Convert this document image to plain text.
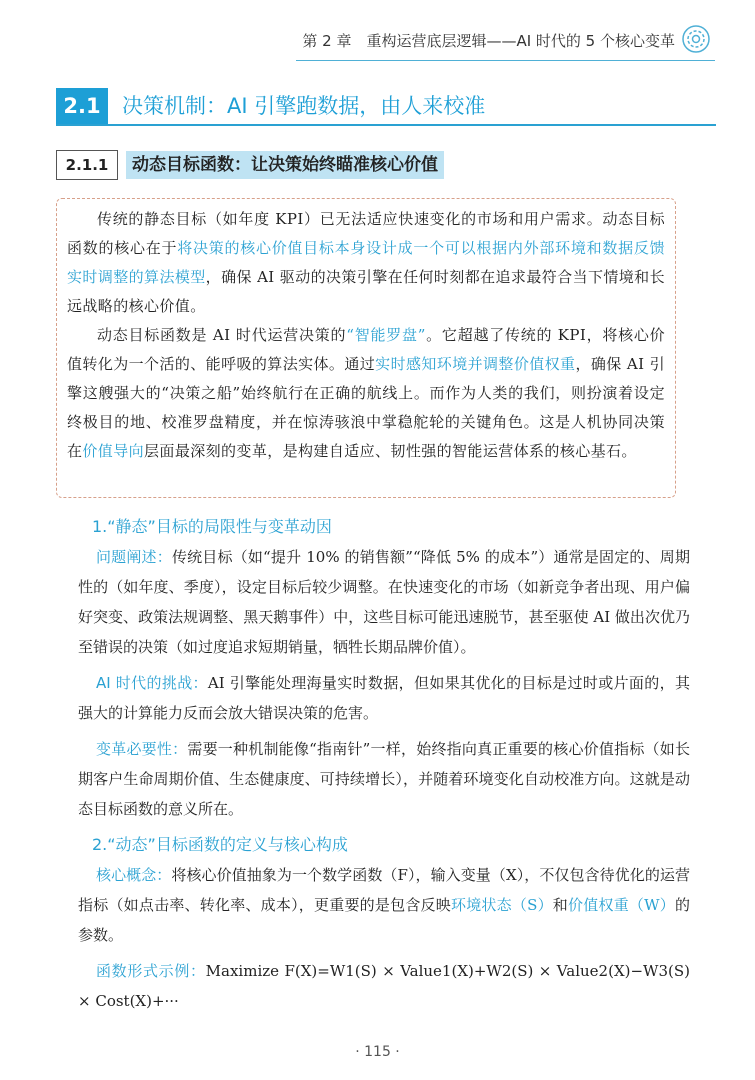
第 2 章　重构运营底层逻辑——AI 时代的 5 个核心变革
2.1	决策机制：AI 引擎跑数据，由人来校准
2.1.1	动态目标函数：让决策始终瞄准核心价值

传统的静态目标（如年度 KPI）已无法适应快速变化的市场和用户需求。动态目标函数的核心在于将决策的核心价值目标本身设计成一个可以根据内外部环境和数据反馈实时调整的算法模型，确保 AI 驱动的决策引擎在任何时刻都在追求最符合当下情境和长远战略的核心价值。

动态目标函数是 AI 时代运营决策的“智能罗盘”。它超越了传统的 KPI，将核心价值转化为一个活的、能呼吸的算法实体。通过实时感知环境并调整价值权重，确保 AI 引擎这艘强大的“决策之船”始终航行在正确的航线上。而作为人类的我们，则扮演着设定终极目的地、校准罗盘精度，并在惊涛骇浪中掌稳舵轮的关键角色。这是人机协同决策在价值导向层面最深刻的变革，是构建自适应、韧性强的智能运营体系的核心基石。

1.“静态”目标的局限性与变革动因

问题阐述：传统目标（如“提升 10% 的销售额”“降低 5% 的成本”）通常是固定的、周期性的（如年度、季度），设定目标后较少调整。在快速变化的市场（如新竞争者出现、用户偏好突变、政策法规调整、黑天鹅事件）中，这些目标可能迅速脱节，甚至驱使 AI 做出次优乃至错误的决策（如过度追求短期销量，牺牲长期品牌价值）。

AI 时代的挑战：AI 引擎能处理海量实时数据，但如果其优化的目标是过时或片面的，其强大的计算能力反而会放大错误决策的危害。

变革必要性：需要一种机制能像“指南针”一样，始终指向真正重要的核心价值指标（如长期客户生命周期价值、生态健康度、可持续增长），并随着环境变化自动校准方向。这就是动态目标函数的意义所在。

2.“动态”目标函数的定义与核心构成

核心概念：将核心价值抽象为一个数学函数（F），输入变量（X），不仅包含待优化的运营指标（如点击率、转化率、成本），更重要的是包含反映环境状态（S）和价值权重（W）的参数。

函数形式示例：Maximize F(X)=W1(S) × Value1(X)+W2(S) × Value2(X)−W3(S) × Cost(X)+···

· 115 ·
